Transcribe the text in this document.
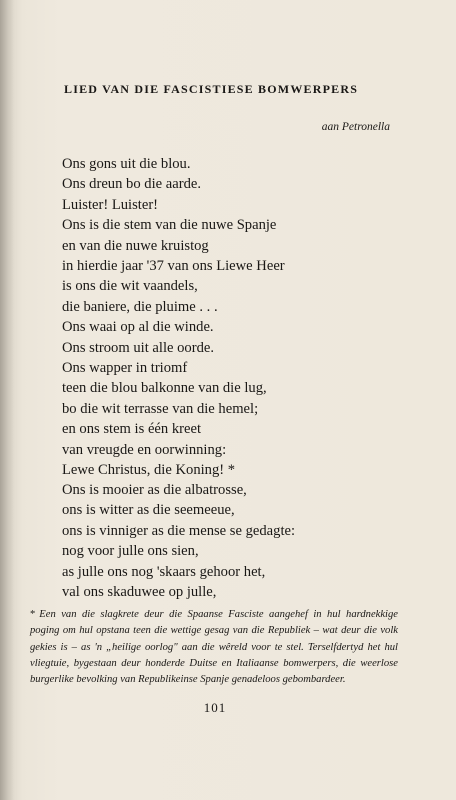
LIED VAN DIE FASCISTIESE BOMWERPERS
aan Petronella
Ons gons uit die blou.
Ons dreun bo die aarde.
Luister! Luister!
Ons is die stem van die nuwe Spanje
en van die nuwe kruistog
in hierdie jaar '37 van ons Liewe Heer
is ons die wit vaandels,
die baniere, die pluime . . .
Ons waai op al die winde.
Ons stroom uit alle oorde.
Ons wapper in triomf
teen die blou balkonne van die lug,
bo die wit terrasse van die hemel;
en ons stem is één kreet
van vreugde en oorwinning:
Lewe Christus, die Koning! *
Ons is mooier as die albatrosse,
ons is witter as die seemeeue,
ons is vinniger as die mense se gedagte:
nog voor julle ons sien,
as julle ons nog 'skaars gehoor het,
val ons skaduwee op julle,
* Een van die slagkrete deur die Spaanse Fasciste aangehef in hul hardnekkige poging om hul opstana teen die wettige gesag van die Republiek – wat deur die volk gekies is – as 'n „heilige oorlog" aan die wêreld voor te stel. Terselfdertyd het hul vliegtuie, bygestaan deur honderde Duitse en Italiaanse bomwerpers, die weerlose burgerlike bevolking van Republikeinse Spanje genadeloos gebombardeer.
101
